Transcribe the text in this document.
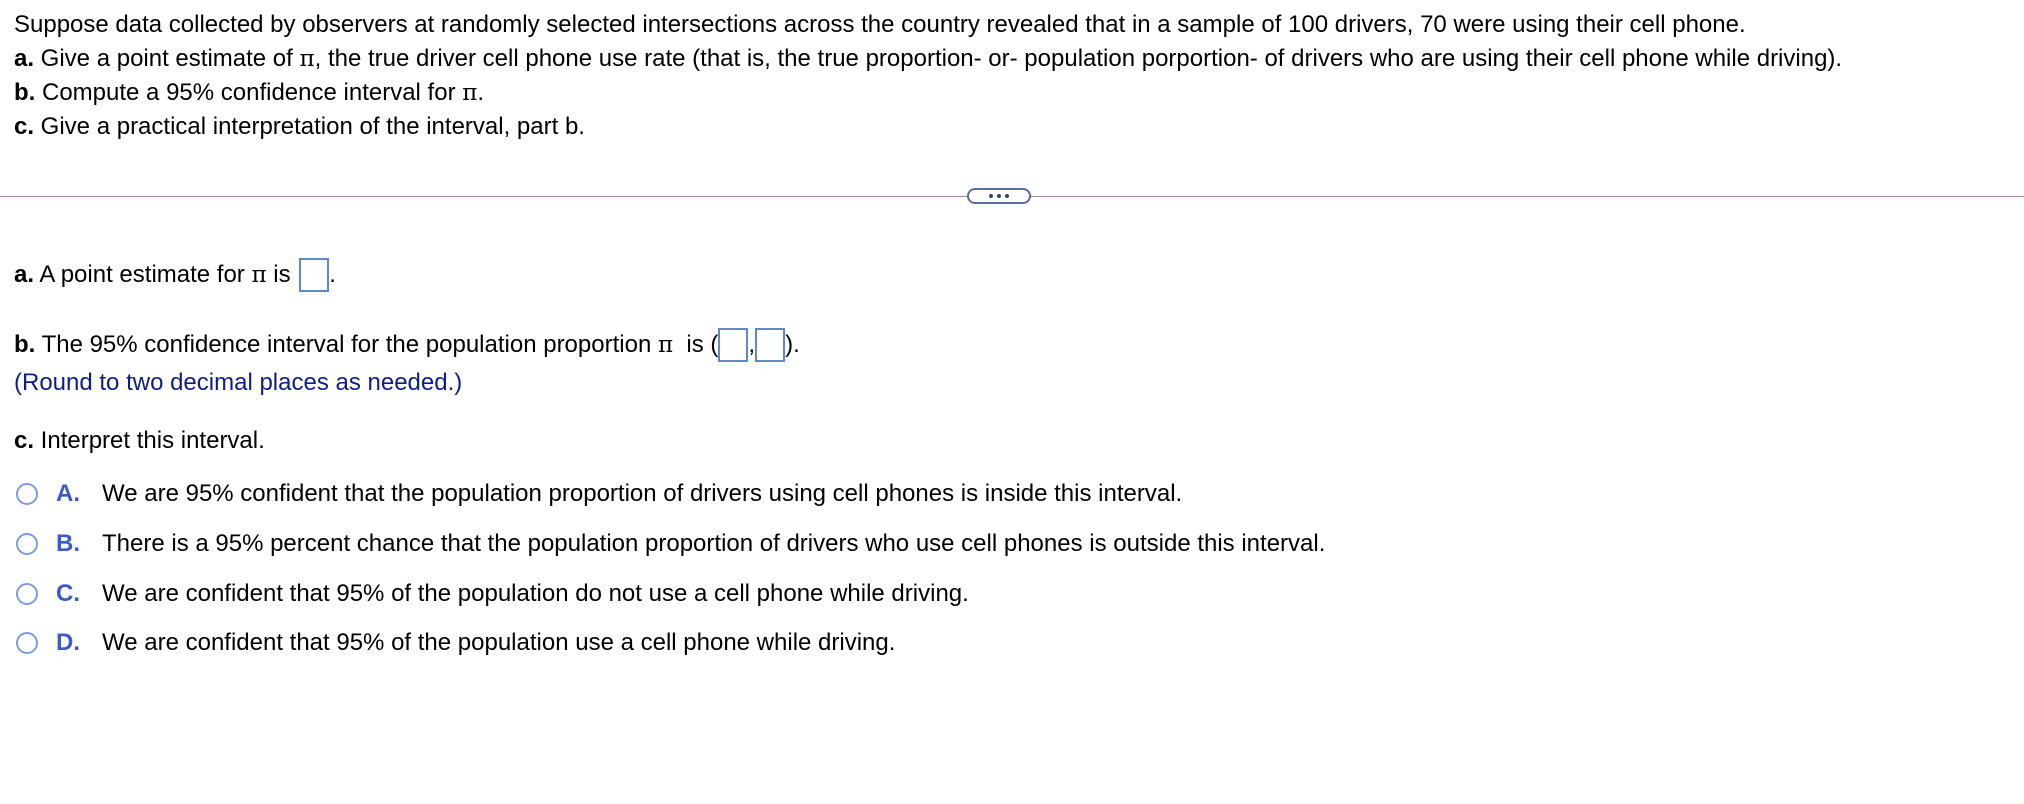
Suppose data collected by observers at randomly selected intersections across the country revealed that in a sample of 100 drivers, 70 were using their cell phone.
a. Give a point estimate of π, the true driver cell phone use rate (that is, the true proportion- or- population porportion- of drivers who are using their cell phone while driving).
b. Compute a 95% confidence interval for π.
c. Give a practical interpretation of the interval, part b.
a. A point estimate for π is .
b. The 95% confidence interval for the population proportion π is ( , ).
(Round to two decimal places as needed.)
c. Interpret this interval.
A. We are 95% confident that the population proportion of drivers using cell phones is inside this interval.
B. There is a 95% percent chance that the population proportion of drivers who use cell phones is outside this interval.
C. We are confident that 95% of the population do not use a cell phone while driving.
D. We are confident that 95% of the population use a cell phone while driving.
